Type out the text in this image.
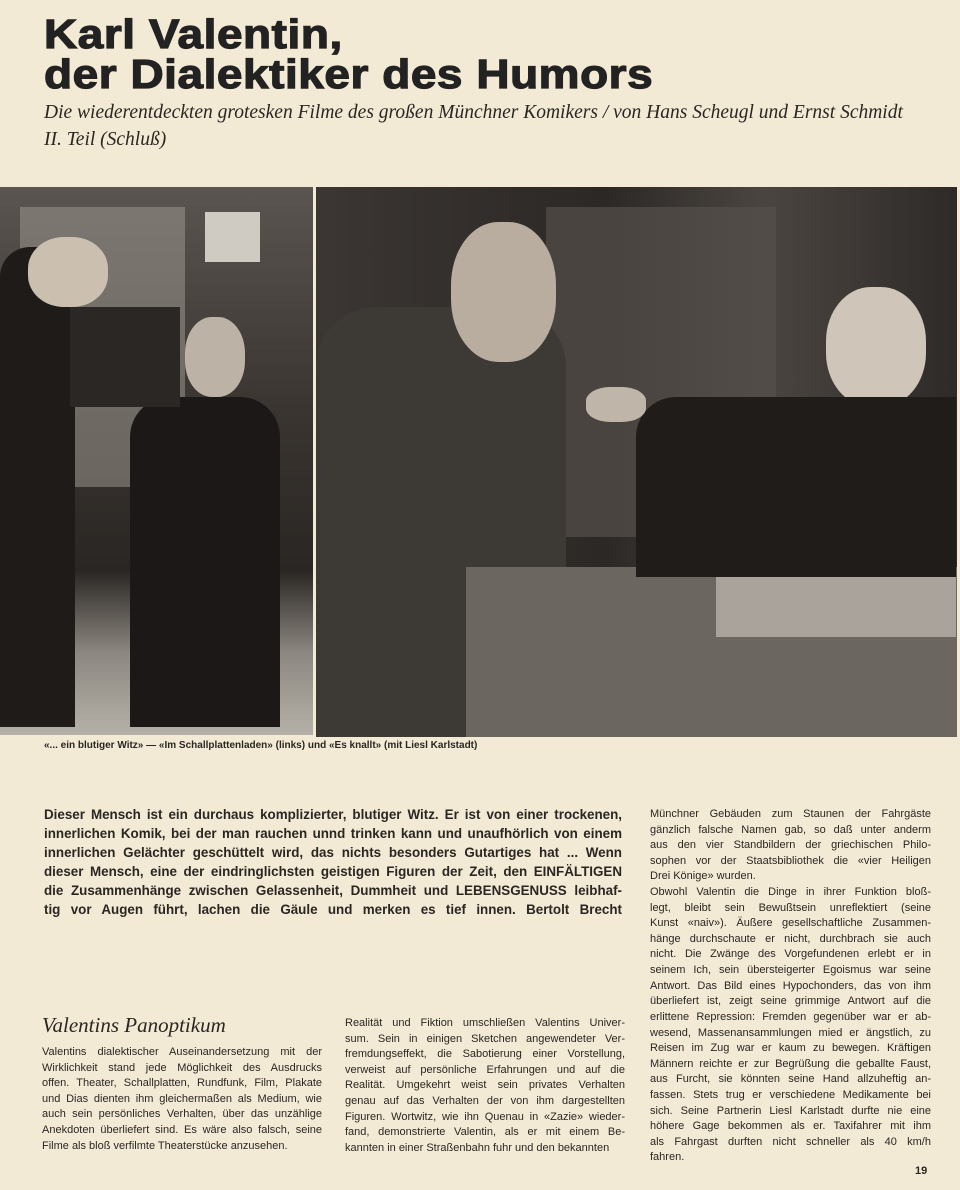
Karl Valentin,
der Dialektiker des Humors
Die wiederentdeckten grotesken Filme des großen Münchner Komikers / von Hans Scheugl und Ernst Schmidt
II. Teil (Schluß)
«... ein blutiger Witz» — «Im Schallplattenladen» (links) und «Es knallt» (mit Liesl Karlstadt)
Dieser Mensch ist ein durchaus komplizierter, blutiger Witz. Er ist von einer trockenen,
innerlichen Komik, bei der man rauchen unnd trinken kann und unaufhörlich von einem
innerlichen Gelächter geschüttelt wird, das nichts besonders Gutartiges hat ... Wenn
dieser Mensch, eine der eindringlichsten geistigen Figuren der Zeit, den EINFÄLTIGEN
die Zusammenhänge zwischen Gelassenheit, Dummheit und LEBENSGENUSS leibhaf-
tig vor Augen führt, lachen die Gäule und merken es tief innen. Bertolt Brecht
Valentins Panoptikum
Valentins dialektischer Auseinandersetzung mit der
Wirklichkeit stand jede Möglichkeit des Ausdrucks
offen. Theater, Schallplatten, Rundfunk, Film, Plakate
und Dias dienten ihm gleichermaßen als Medium, wie
auch sein persönliches Verhalten, über das unzählige
Anekdoten überliefert sind. Es wäre also falsch, seine
Filme als bloß verfilmte Theaterstücke anzusehen.
Realität und Fiktion umschließen Valentins Univer-
sum. Sein in einigen Sketchen angewendeter Ver-
fremdungseffekt, die Sabotierung einer Vorstellung,
verweist auf persönliche Erfahrungen und auf die
Realität. Umgekehrt weist sein privates Verhalten
genau auf das Verhalten der von ihm dargestellten
Figuren. Wortwitz, wie ihn Quenau in «Zazie» wieder-
fand, demonstrierte Valentin, als er mit einem Be-
kannten in einer Straßenbahn fuhr und den bekannten
Münchner Gebäuden zum Staunen der Fahrgäste
gänzlich falsche Namen gab, so daß unter anderm
aus den vier Standbildern der griechischen Philo-
sophen vor der Staatsbibliothek die «vier Heiligen
Drei Könige» wurden.
Obwohl Valentin die Dinge in ihrer Funktion bloß-
legt, bleibt sein Bewußtsein unreflektiert (seine
Kunst «naiv»). Äußere gesellschaftliche Zusammen-
hänge durchschaute er nicht, durchbrach sie auch
nicht. Die Zwänge des Vorgefundenen erlebt er in
seinem Ich, sein übersteigerter Egoismus war seine
Antwort. Das Bild eines Hypochonders, das von ihm
überliefert ist, zeigt seine grimmige Antwort auf die
erlittene Repression: Fremden gegenüber war er ab-
wesend, Massenansammlungen mied er ängstlich, zu
Reisen im Zug war er kaum zu bewegen. Kräftigen
Männern reichte er zur Begrüßung die geballte Faust,
aus Furcht, sie könnten seine Hand allzuheftig an-
fassen. Stets trug er verschiedene Medikamente bei
sich. Seine Partnerin Liesl Karlstadt durfte nie eine
höhere Gage bekommen als er. Taxifahrer mit ihm
als Fahrgast durften nicht schneller als 40 km/h
fahren.
19
